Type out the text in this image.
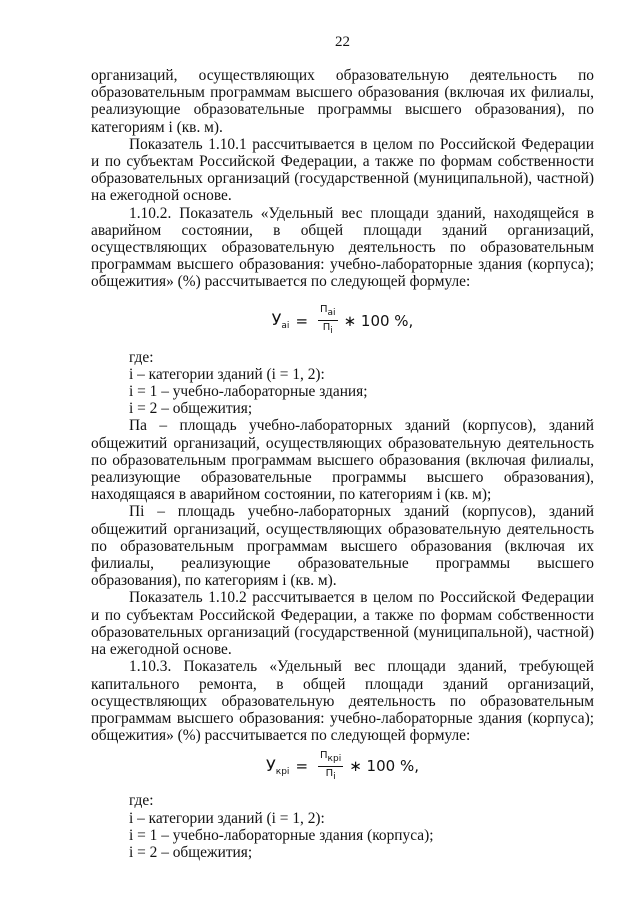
22

организаций, осуществляющих образовательную деятельность по образовательным программам высшего образования (включая их филиалы, реализующие образовательные программы высшего образования), по категориям i (кв. м).

Показатель 1.10.1 рассчитывается в целом по Российской Федерации и по субъектам Российской Федерации, а также по формам собственности образовательных организаций (государственной (муниципальной), частной) на ежегодной основе.

1.10.2. Показатель «Удельный вес площади зданий, находящейся в аварийном состоянии, в общей площади зданий организаций, осуществляющих образовательную деятельность по образовательным программам высшего образования: учебно-лабораторные здания (корпуса); общежития» (%) рассчитывается по следующей формуле:

$У_{аi} = \frac{\text{Паi}}{Пi}$ ∗ 100 %,

где:

i – категории зданий (i = 1, 2):

i = 1 – учебно-лабораторные здания;

i = 2 – общежития;

Па – площадь учебно-лабораторных зданий (корпусов), зданий общежитий организаций, осуществляющих образовательную деятельность по образовательным программам высшего образования (включая филиалы, реализующие образовательные программы высшего образования), находящаяся в аварийном состоянии, по категориям i (кв. м);

Пi – площадь учебно-лабораторных зданий (корпусов), зданий общежитий организаций, осуществляющих образовательную деятельность по образовательным программам высшего образования (включая их филиалы, реализующие образовательные программы высшего образования), по категориям i (кв. м).

Показатель 1.10.2 рассчитывается в целом по Российской Федерации и по субъектам Российской Федерации, а также по формам собственности образовательных организаций (государственной (муниципальной), частной) на ежегодной основе.

1.10.3. Показатель «Удельный вес площади зданий, требующей капитального ремонта, в общей площади зданий организаций, осуществляющих образовательную деятельность по образовательным программам высшего образования: учебно-лабораторные здания (корпуса); общежития» (%) рассчитывается по следующей формуле:

$У_{крi} = \frac{\text{Пкрi}}{Пi}$ ∗ 100 %,

где:

i – категории зданий (i = 1, 2):

i = 1 – учебно-лабораторные здания (корпуса);

i = 2 – общежития;
